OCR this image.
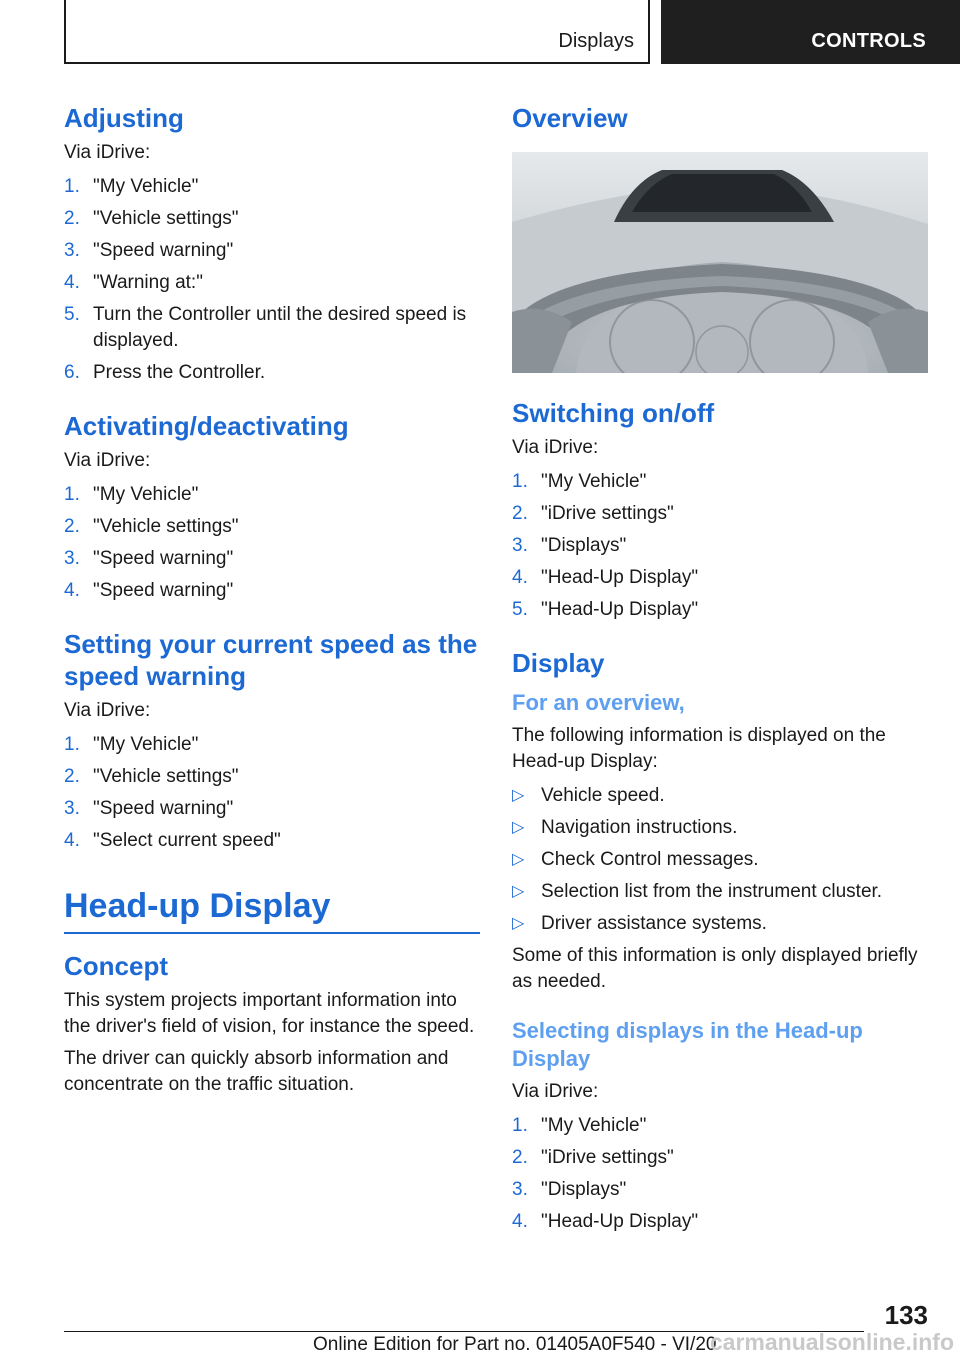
Displays	CONTROLS
Adjusting
Via iDrive:
1. "My Vehicle"
2. "Vehicle settings"
3. "Speed warning"
4. "Warning at:"
5. Turn the Controller until the desired speed is displayed.
6. Press the Controller.
Activating/deactivating
Via iDrive:
1. "My Vehicle"
2. "Vehicle settings"
3. "Speed warning"
4. "Speed warning"
Setting your current speed as the speed warning
Via iDrive:
1. "My Vehicle"
2. "Vehicle settings"
3. "Speed warning"
4. "Select current speed"
Head-up Display
Concept
This system projects important information into the driver's field of vision, for instance the speed.
The driver can quickly absorb information and concentrate on the traffic situation.
Overview
Switching on/off
Via iDrive:
1. "My Vehicle"
2. "iDrive settings"
3. "Displays"
4. "Head-Up Display"
5. "Head-Up Display"
Display
For an overview,
The following information is displayed on the Head-up Display:
▷ Vehicle speed.
▷ Navigation instructions.
▷ Check Control messages.
▷ Selection list from the instrument cluster.
▷ Driver assistance systems.
Some of this information is only displayed briefly as needed.
Selecting displays in the Head-up Display
Via iDrive:
1. "My Vehicle"
2. "iDrive settings"
3. "Displays"
4. "Head-Up Display"
133
Online Edition for Part no. 01405A0F540 - VI/20
carmanualsonline.info
